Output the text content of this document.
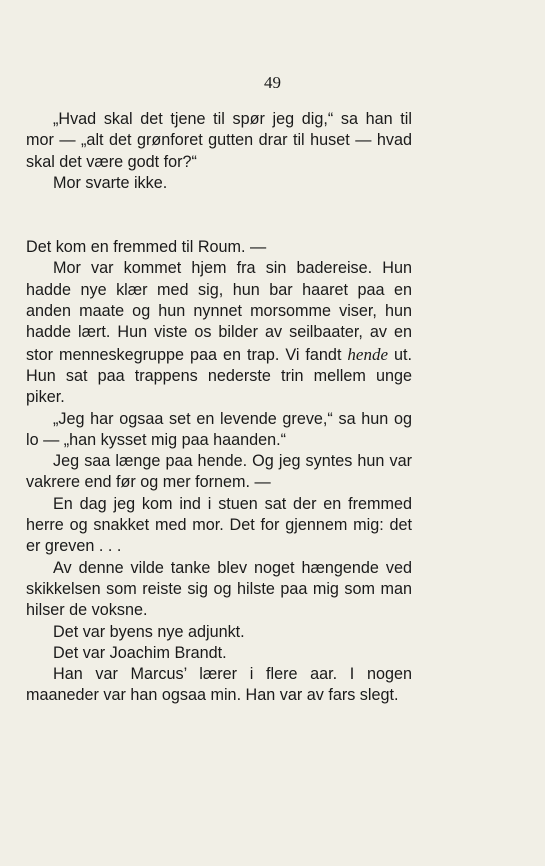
49

„Hvad skal det tjene til spør jeg dig,“ sa han til mor — „alt det grønforet gutten drar til huset — hvad skal det være godt for?“

Mor svarte ikke.

Det kom en fremmed til Roum. —

Mor var kommet hjem fra sin badereise. Hun hadde nye klær med sig, hun bar haaret paa en anden maate og hun nynnet morsomme viser, hun hadde lært. Hun viste os bilder av seilbaater, av en stor menneskegruppe paa en trap. Vi fandt hende ut. Hun sat paa trappens nederste trin mellem unge piker.

„Jeg har ogsaa set en levende greve,“ sa hun og lo — „han kysset mig paa haanden.“

Jeg saa længe paa hende. Og jeg syntes hun var vakrere end før og mer fornem. —

En dag jeg kom ind i stuen sat der en fremmed herre og snakket med mor. Det for gjennem mig: det er greven . . .

Av denne vilde tanke blev noget hængende ved skikkelsen som reiste sig og hilste paa mig som man hilser de voksne.

Det var byens nye adjunkt.

Det var Joachim Brandt.

Han var Marcus’ lærer i flere aar. I nogen maaneder var han ogsaa min. Han var av fars slegt.
